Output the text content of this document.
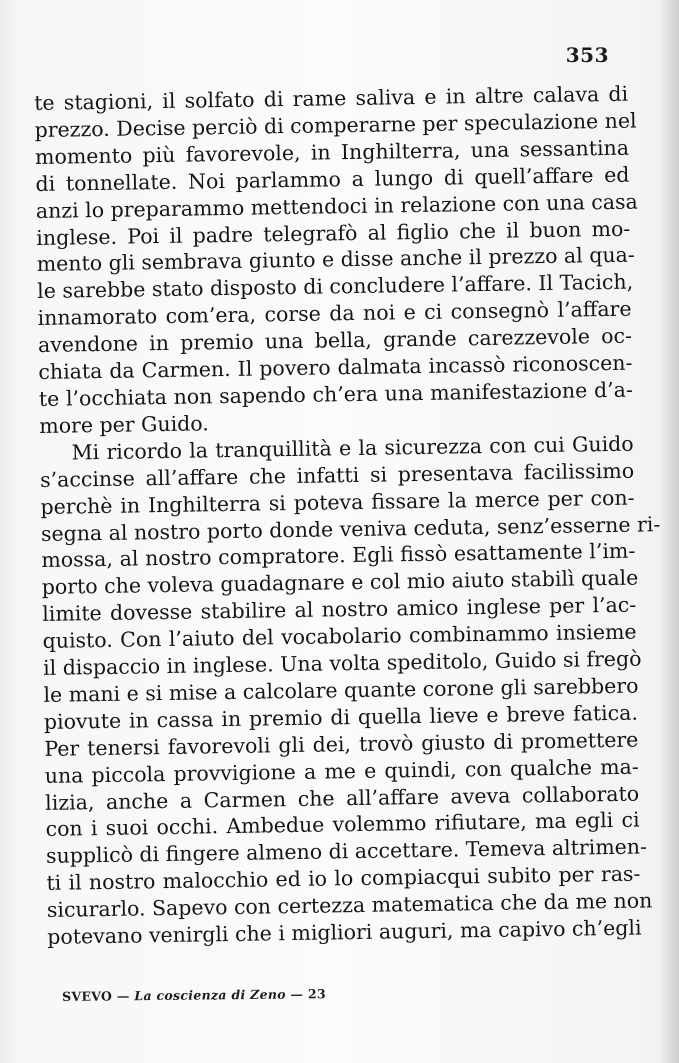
353
te stagioni, il solfato di rame saliva e in altre calava di
prezzo. Decise perciò di comperarne per speculazione nel
momento più favorevole, in Inghilterra, una sessantina
di tonnellate. Noi parlammo a lungo di quell’affare ed
anzi lo preparammo mettendoci in relazione con una casa
inglese. Poi il padre telegrafò al figlio che il buon mo-
mento gli sembrava giunto e disse anche il prezzo al qua-
le sarebbe stato disposto di concludere l’affare. Il Tacich,
innamorato com’era, corse da noi e ci consegnò l’affare
avendone in premio una bella, grande carezzevole oc-
chiata da Carmen. Il povero dalmata incassò riconoscen-
te l’occhiata non sapendo ch’era una manifestazione d’a-
more per Guido.
Mi ricordo la tranquillità e la sicurezza con cui Guido
s’accinse all’affare che infatti si presentava facilissimo
perchè in Inghilterra si poteva fissare la merce per con-
segna al nostro porto donde veniva ceduta, senz’esserne ri-
mossa, al nostro compratore. Egli fissò esattamente l’im-
porto che voleva guadagnare e col mio aiuto stabilì quale
limite dovesse stabilire al nostro amico inglese per l’ac-
quisto. Con l’aiuto del vocabolario combinammo insieme
il dispaccio in inglese. Una volta speditolo, Guido si fregò
le mani e si mise a calcolare quante corone gli sarebbero
piovute in cassa in premio di quella lieve e breve fatica.
Per tenersi favorevoli gli dei, trovò giusto di promettere
una piccola provvigione a me e quindi, con qualche ma-
lizia, anche a Carmen che all’affare aveva collaborato
con i suoi occhi. Ambedue volemmo rifiutare, ma egli ci
supplicò di fingere almeno di accettare. Temeva altrimen-
ti il nostro malocchio ed io lo compiacqui subito per ras-
sicurarlo. Sapevo con certezza matematica che da me non
potevano venirgli che i migliori auguri, ma capivo ch’egli
SVEVO — La coscienza di Zeno — 23
